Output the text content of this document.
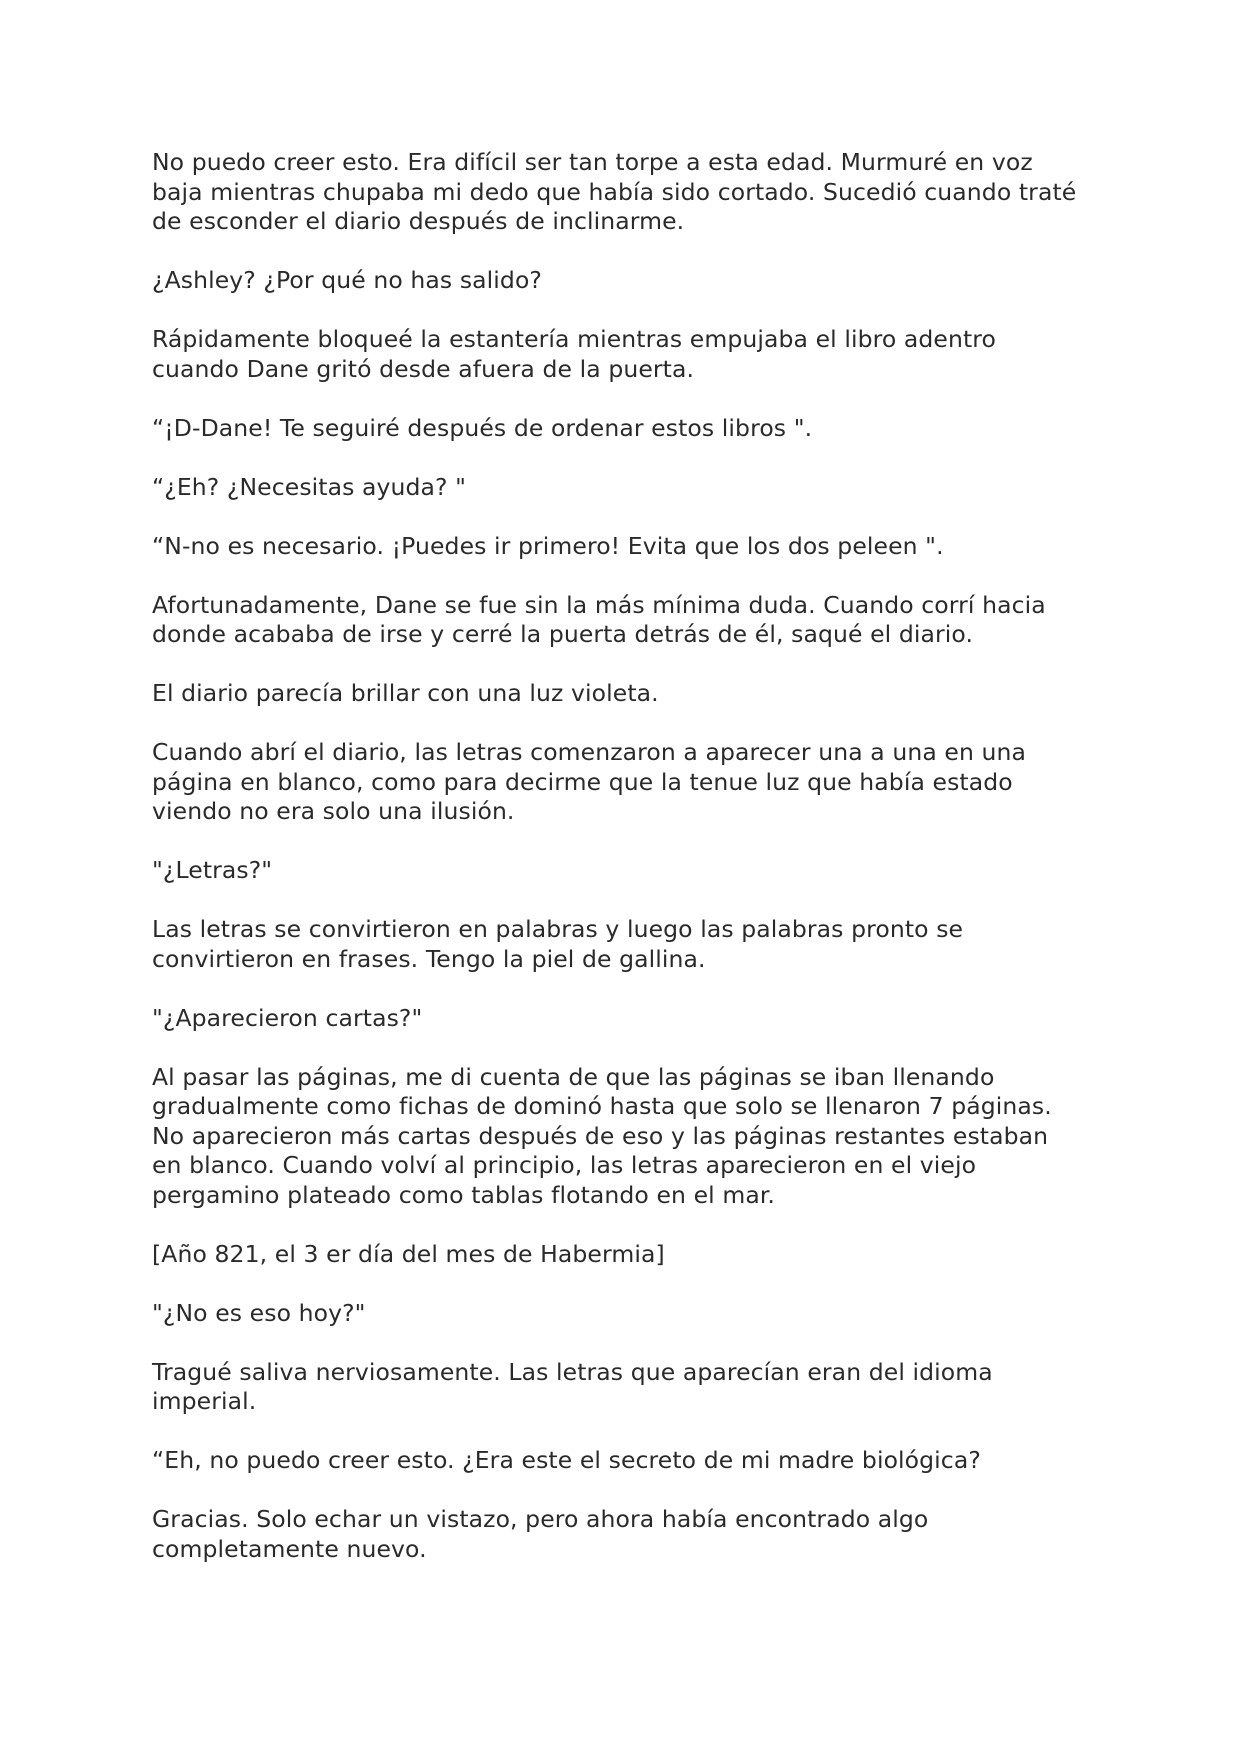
No puedo creer esto. Era difícil ser tan torpe a esta edad. Murmuré en voz baja mientras chupaba mi dedo que había sido cortado. Sucedió cuando traté de esconder el diario después de inclinarme.

¿Ashley? ¿Por qué no has salido?

Rápidamente bloqueé la estantería mientras empujaba el libro adentro cuando Dane gritó desde afuera de la puerta.

“¡D-Dane! Te seguiré después de ordenar estos libros ".

“¿Eh? ¿Necesitas ayuda? "

“N-no es necesario. ¡Puedes ir primero! Evita que los dos peleen ".

Afortunadamente, Dane se fue sin la más mínima duda. Cuando corrí hacia donde acababa de irse y cerré la puerta detrás de él, saqué el diario.

El diario parecía brillar con una luz violeta.

Cuando abrí el diario, las letras comenzaron a aparecer una a una en una página en blanco, como para decirme que la tenue luz que había estado viendo no era solo una ilusión.

"¿Letras?"

Las letras se convirtieron en palabras y luego las palabras pronto se convirtieron en frases. Tengo la piel de gallina.

"¿Aparecieron cartas?"

Al pasar las páginas, me di cuenta de que las páginas se iban llenando gradualmente como fichas de dominó hasta que solo se llenaron 7 páginas. No aparecieron más cartas después de eso y las páginas restantes estaban en blanco. Cuando volví al principio, las letras aparecieron en el viejo pergamino plateado como tablas flotando en el mar.

[Año 821, el 3 er día del mes de Habermia]

"¿No es eso hoy?"

Tragué saliva nerviosamente. Las letras que aparecían eran del idioma imperial.

“Eh, no puedo creer esto. ¿Era este el secreto de mi madre biológica?

Gracias. Solo echar un vistazo, pero ahora había encontrado algo completamente nuevo.
